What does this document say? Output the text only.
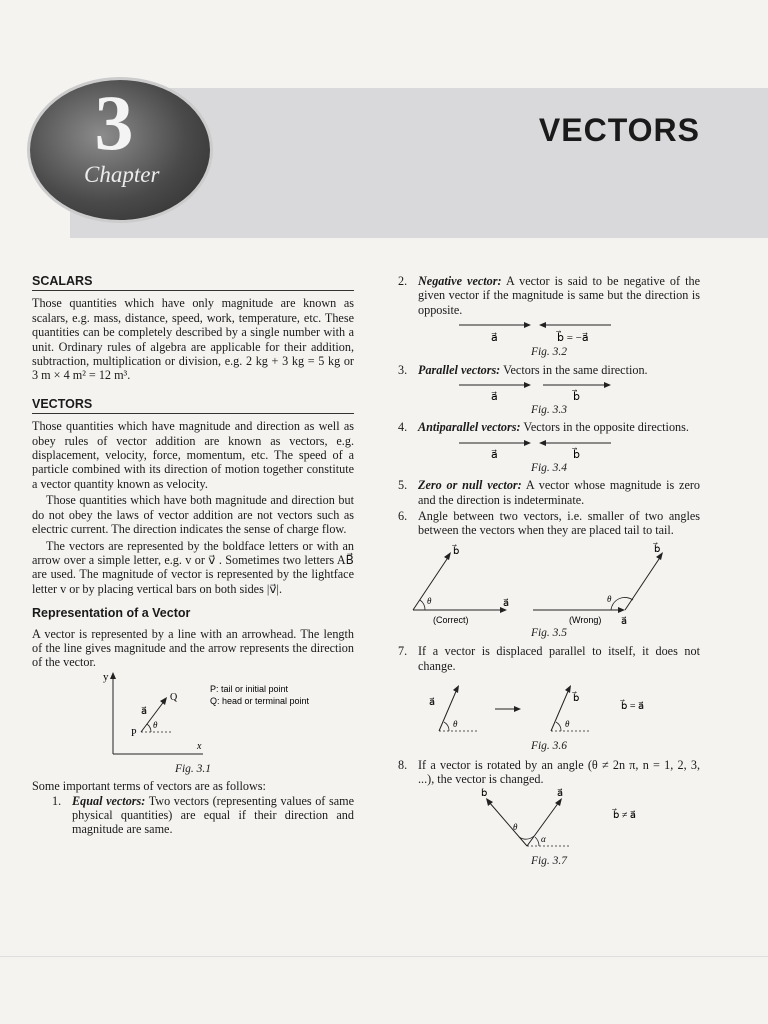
3
Chapter
VECTORS
SCALARS

Those quantities which have only magnitude are known as scalars, e.g. mass, distance, speed, work, temperature, etc. These quantities can be completely described by a single number with a unit. Ordinary rules of algebra are applicable for their addition, subtraction, multiplication or division, e.g. 2 kg + 3 kg = 5 kg or 3 m × 4 m² = 12 m³.

VECTORS

Those quantities which have magnitude and direction as well as obey rules of vector addition are known as vectors, e.g. displacement, velocity, force, momentum, etc. The speed of a particle combined with its direction of motion together constitute a vector quantity known as velocity.

Those quantities which have both magnitude and direction but do not obey the laws of vector addition are not vectors such as electric current. The direction indicates the sense of charge flow.

The vectors are represented by the boldface letters or with an arrow over a simple letter, e.g. v or v⃗ . Sometimes two letters AB⃗ are used. The magnitude of vector is represented by the lightface letter v or by placing vertical bars on both sides |v⃗|.

Representation of a Vector

A vector is represented by a line with an arrowhead. The length of the line gives magnitude and the arrow represents the direction of the vector.

y
x
P
Q
a⃗
θ
P: tail or initial point
Q: head or terminal point
Fig. 3.1

Some important terms of vectors are as follows:

1. Equal vectors: Two vectors (representing values of same physical quantities) are equal if their direction and magnitude are same.
2. Negative vector: A vector is said to be negative of the given vector if the magnitude is same but the direction is opposite.
a⃗	b⃗ = −a⃗
Fig. 3.2
3. Parallel vectors: Vectors in the same direction.
a⃗	b⃗
Fig. 3.3
4. Antiparallel vectors: Vectors in the opposite directions.
a⃗	b⃗
Fig. 3.4
5. Zero or null vector: A vector whose magnitude is zero and the direction is indeterminate.
6. Angle between two vectors, i.e. smaller of two angles between the vectors when they are placed tail to tail.
θ
b⃗
a⃗
(Correct)
θ
b⃗
a⃗
(Wrong)
Fig. 3.5
7. If a vector is displaced parallel to itself, it does not change.
θ
a⃗
θ
b⃗
b⃗ = a⃗
Fig. 3.6
8. If a vector is rotated by an angle (θ ≠ 2n π, n = 1, 2, 3, ...), the vector is changed.
θ
α
b⃗	a⃗
b⃗ ≠ a⃗
Fig. 3.7
